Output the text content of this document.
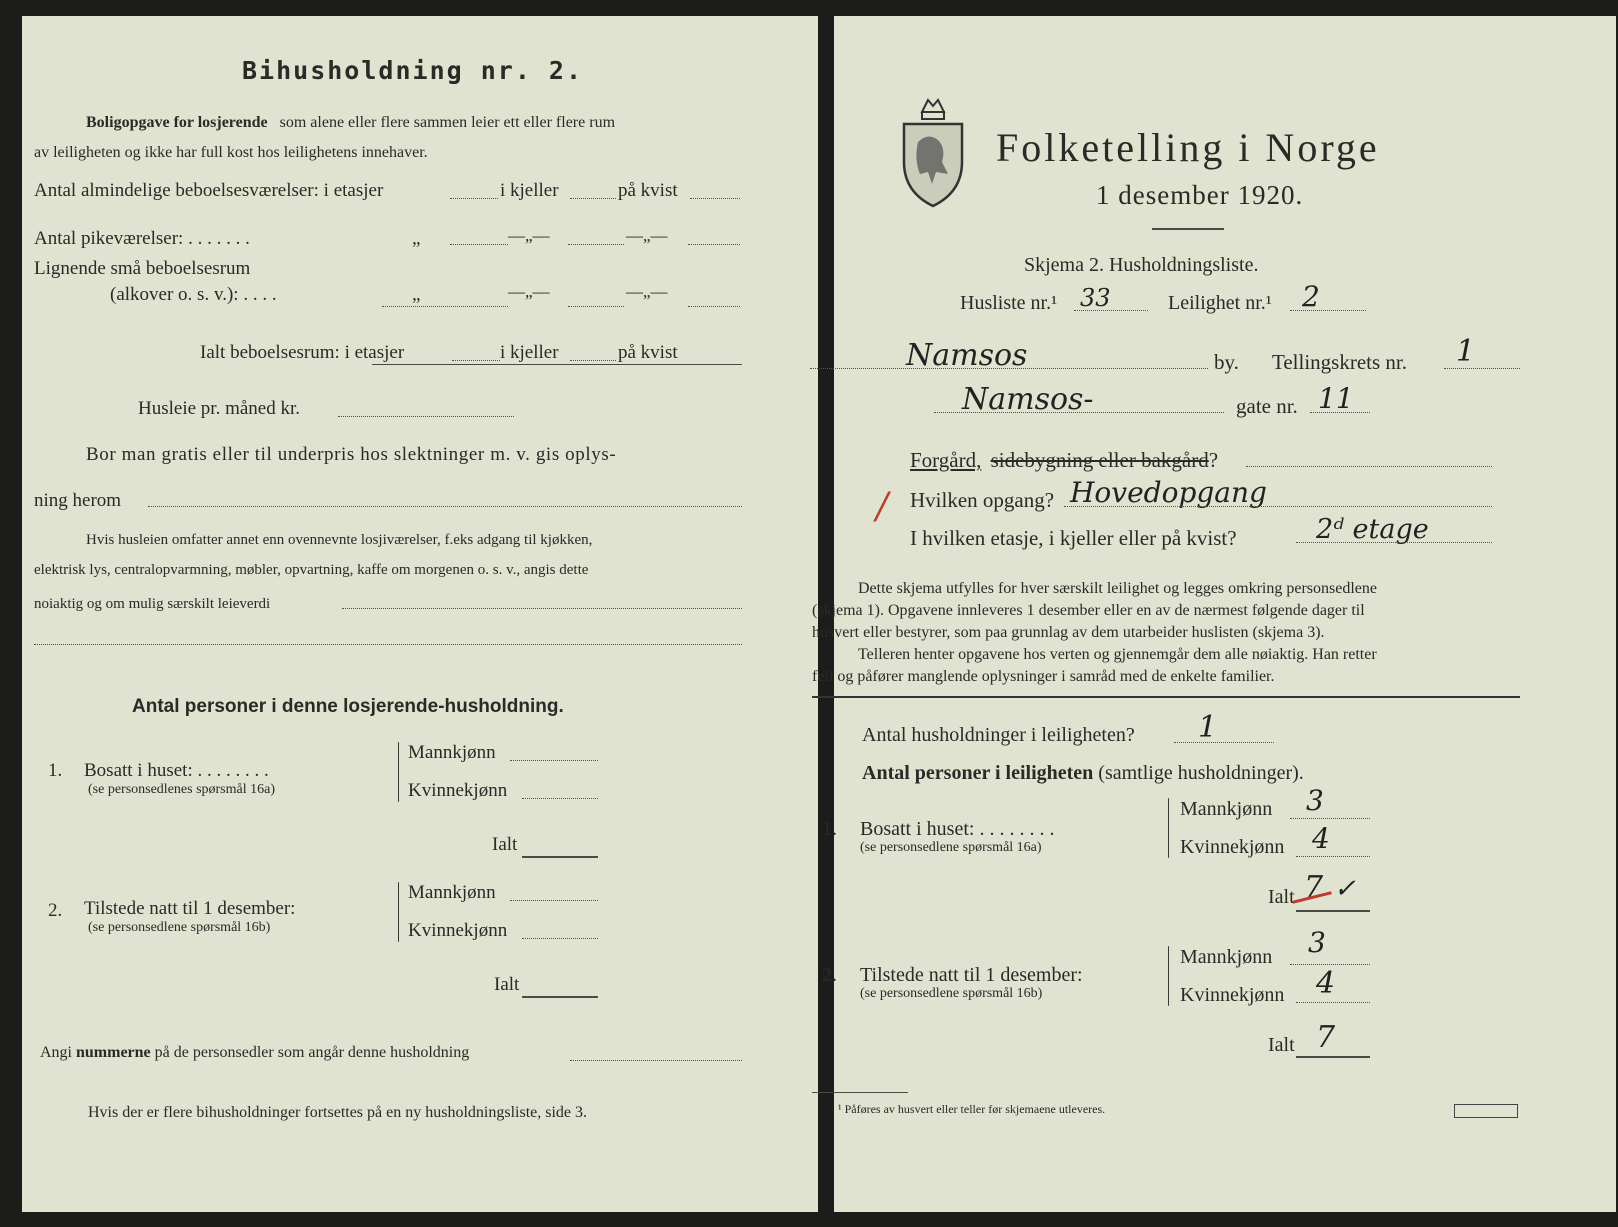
Bihusholdning nr. 2.
Boligopgave for losjerende som alene eller flere sammen leier ett eller flere rum
av leiligheten og ikke har full kost hos leilighetens innehaver.
Antal almindelige beboelsesværelser: i etasjer	i kjeller	på kvist
Antal pikeværelser: . . . . . . .	„	—„—	—„—
Lignende små beboelsesrum
(alkover o. s. v.): . . . .	„	—„—	—„—
Ialt beboelsesrum: i etasjer	i kjeller	på kvist
Husleie pr. måned kr.
Bor man gratis eller til underpris hos slektninger m. v. gis oplys-
ning herom
Hvis husleien omfatter annet enn ovennevnte losjiværelser, f.eks adgang til kjøkken,
elektrisk lys, centralopvarmning, møbler, opvartning, kaffe om morgenen o. s. v., angis dette
noiaktig og om mulig særskilt leieverdi
Antal personer i denne losjerende-husholdning.
1. Bosatt i huset: . . . . . . . .
(se personsedlenes spørsmål 16a)
Mannkjønn
Kvinnekjønn
Ialt
2. Tilstede natt til 1 desember:
(se personsedlene spørsmål 16b)
Mannkjønn
Kvinnekjønn
Ialt
Angi nummerne på de personsedler som angår denne husholdning
Hvis der er flere bihusholdninger fortsettes på en ny husholdningsliste, side 3.
Folketelling i Norge
1 desember 1920.
Skjema 2. Husholdningsliste.
Husliste nr.¹ 33	Leilighet nr.¹ 2
Namsos	by. Tellingskrets nr. 1
Namsos-	gate nr. 11
Forgård, sidebygning eller bakgård?
/ Hvilken opgang? Hovedopgang
I hvilken etasje, i kjeller eller på kvist?	2ᵈ etage
Dette skjema utfylles for hver særskilt leilighet og legges omkring personsedlene
(skjema 1). Opgavene innleveres 1 desember eller en av de nærmest følgende dager til
husvert eller bestyrer, som paa grunnlag av dem utarbeider huslisten (skjema 3).
Telleren henter opgavene hos verten og gjennemgår dem alle nøiaktig. Han retter
feil og påfører manglende oplysninger i samråd med de enkelte familier.
Antal husholdninger i leiligheten? 1
Antal personer i leiligheten (samtlige husholdninger).
1. Bosatt i huset: . . . . . . . .
(se personsedlene spørsmål 16a)
Mannkjønn 3
Kvinnekjønn 4
Ialt 7 ✓
2. Tilstede natt til 1 desember:
(se personsedlene spørsmål 16b)
Mannkjønn 3
Kvinnekjønn 4
Ialt 7
¹ Påføres av husvert eller teller før skjemaene utleveres.
